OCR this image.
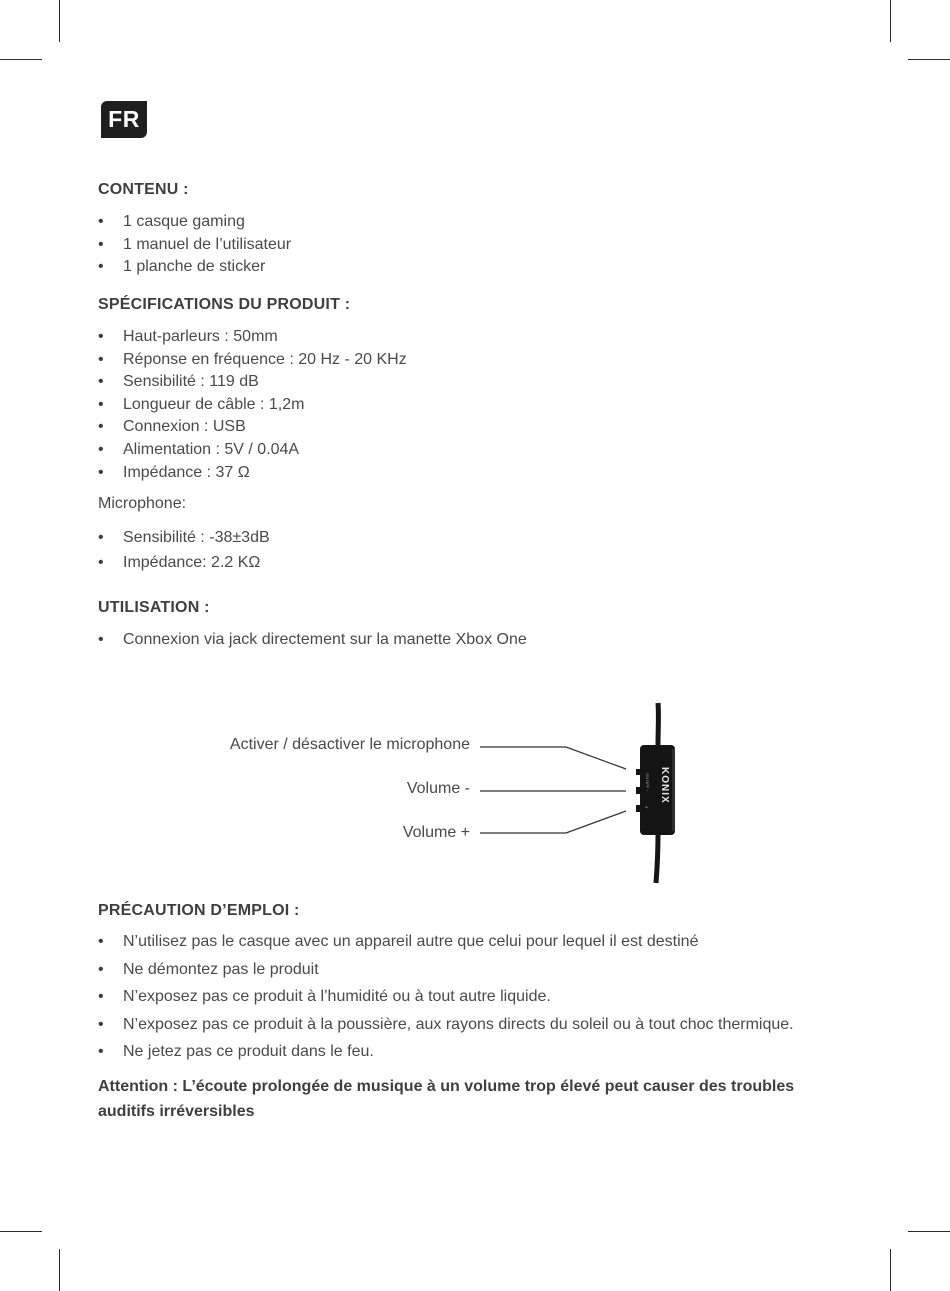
FR
CONTENU :
• 1 casque gaming
• 1 manuel de l’utilisateur
• 1 planche de sticker
SPÉCIFICATIONS DU PRODUIT :
• Haut-parleurs : 50mm
• Réponse en fréquence : 20 Hz - 20 KHz
• Sensibilité : 119 dB
• Longueur de câble : 1,2m
• Connexion : USB
• Alimentation : 5V / 0.04A
• Impédance : 37 Ω

Microphone:

• Sensibilité : -38±3dB
• Impédance: 2.2 KΩ
UTILISATION :
• Connexion via jack directement sur la manette Xbox One
Activer / désactiver le microphone
Volume -
Volume +
ON OFF
-
+
KONIX
PRÉCAUTION D’EMPLOI :
• N’utilisez pas le casque avec un appareil autre que celui pour lequel il est destiné
• Ne démontez pas le produit
• N’exposez pas ce produit à l’humidité ou à tout autre liquide.
• N’exposez pas ce produit à la poussière, aux rayons directs du soleil ou à tout choc thermique.
• Ne jetez pas ce produit dans le feu.

Attention : L’écoute prolongée de musique à un volume trop élevé peut causer des troubles auditifs irréversibles
